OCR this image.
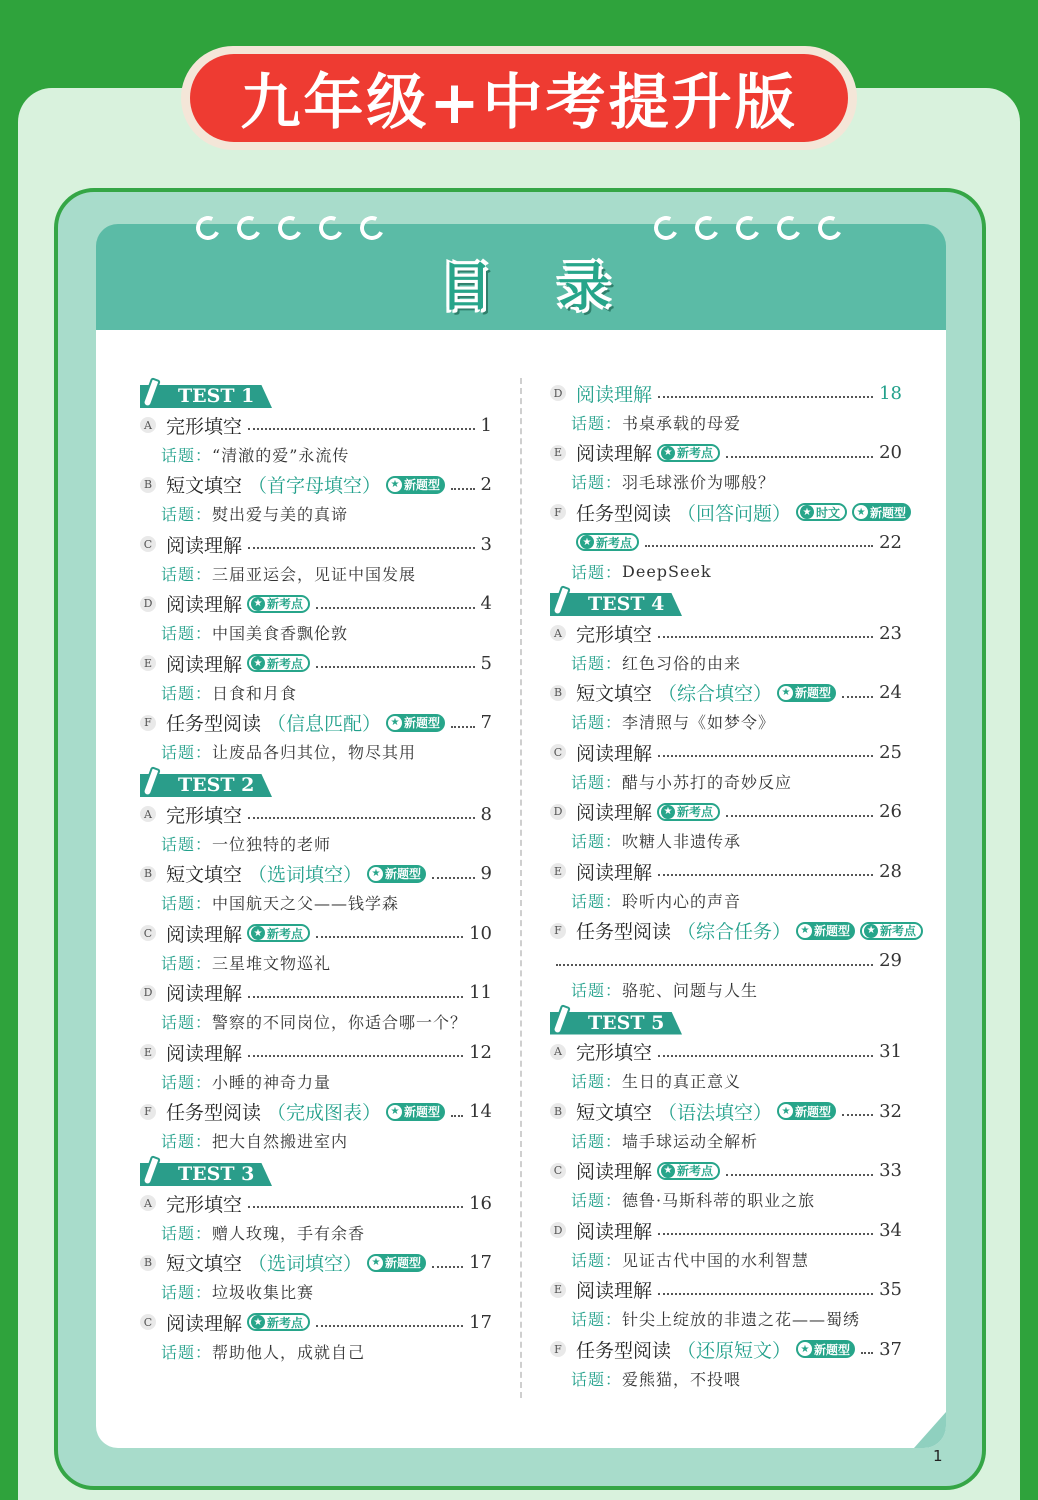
九年级+中考提升版
目 录
TEST 1
A 完形填空	1
话题： “清澈的爱”永流传
B 短文填空 （首字母填空） ★ 新题型 2
话题： 熨出爱与美的真谛
C 阅读理解	3
话题： 三届亚运会，见证中国发展
D 阅读理解 ★ 新考点	4
话题： 中国美食香飘伦敦
E 阅读理解 ★ 新考点	5
话题： 日食和月食
F 任务型阅读 （信息匹配） ★ 新题型 7
话题： 让废品各归其位，物尽其用
TEST 2
A 完形填空	8
话题： 一位独特的老师
B 短文填空 （选词填空） ★ 新题型	9
话题： 中国航天之父——钱学森
C 阅读理解 ★ 新考点	10
话题： 三星堆文物巡礼
D 阅读理解	11
话题： 警察的不同岗位，你适合哪一个？
E 阅读理解	12
话题： 小睡的神奇力量
F 任务型阅读 （完成图表） ★ 新题型 14
话题： 把大自然搬进室内
TEST 3
A 完形填空	16
话题： 赠人玫瑰，手有余香
B 短文填空 （选词填空） ★ 新题型	17
话题： 垃圾收集比赛
C 阅读理解 ★ 新考点	17
话题： 帮助他人，成就自己
D 阅读理解	18
话题： 书桌承载的母爱
E 阅读理解 ★ 新考点	20
话题： 羽毛球涨价为哪般？
F 任务型阅读 （回答问题） ★ 时文 ★ 新题型
★ 新考点	22
话题： DeepSeek
TEST 4
A 完形填空	23
话题： 红色习俗的由来
B 短文填空 （综合填空） ★ 新题型	24
话题： 李清照与《如梦令》
C 阅读理解	25
话题： 醋与小苏打的奇妙反应
D 阅读理解 ★ 新考点	26
话题： 吹糖人非遗传承
E 阅读理解	28
话题： 聆听内心的声音
F 任务型阅读 （综合任务） ★ 新题型 ★ 新考点
29
话题： 骆驼、问题与人生
TEST 5
A 完形填空	31
话题： 生日的真正意义
B 短文填空 （语法填空） ★ 新题型	32
话题： 墙手球运动全解析
C 阅读理解 ★ 新考点	33
话题： 德鲁·马斯科蒂的职业之旅
D 阅读理解	34
话题： 见证古代中国的水利智慧
E 阅读理解	35
话题： 针尖上绽放的非遗之花——蜀绣
F 任务型阅读 （还原短文） ★ 新题型 37
话题： 爱熊猫，不投喂
1
